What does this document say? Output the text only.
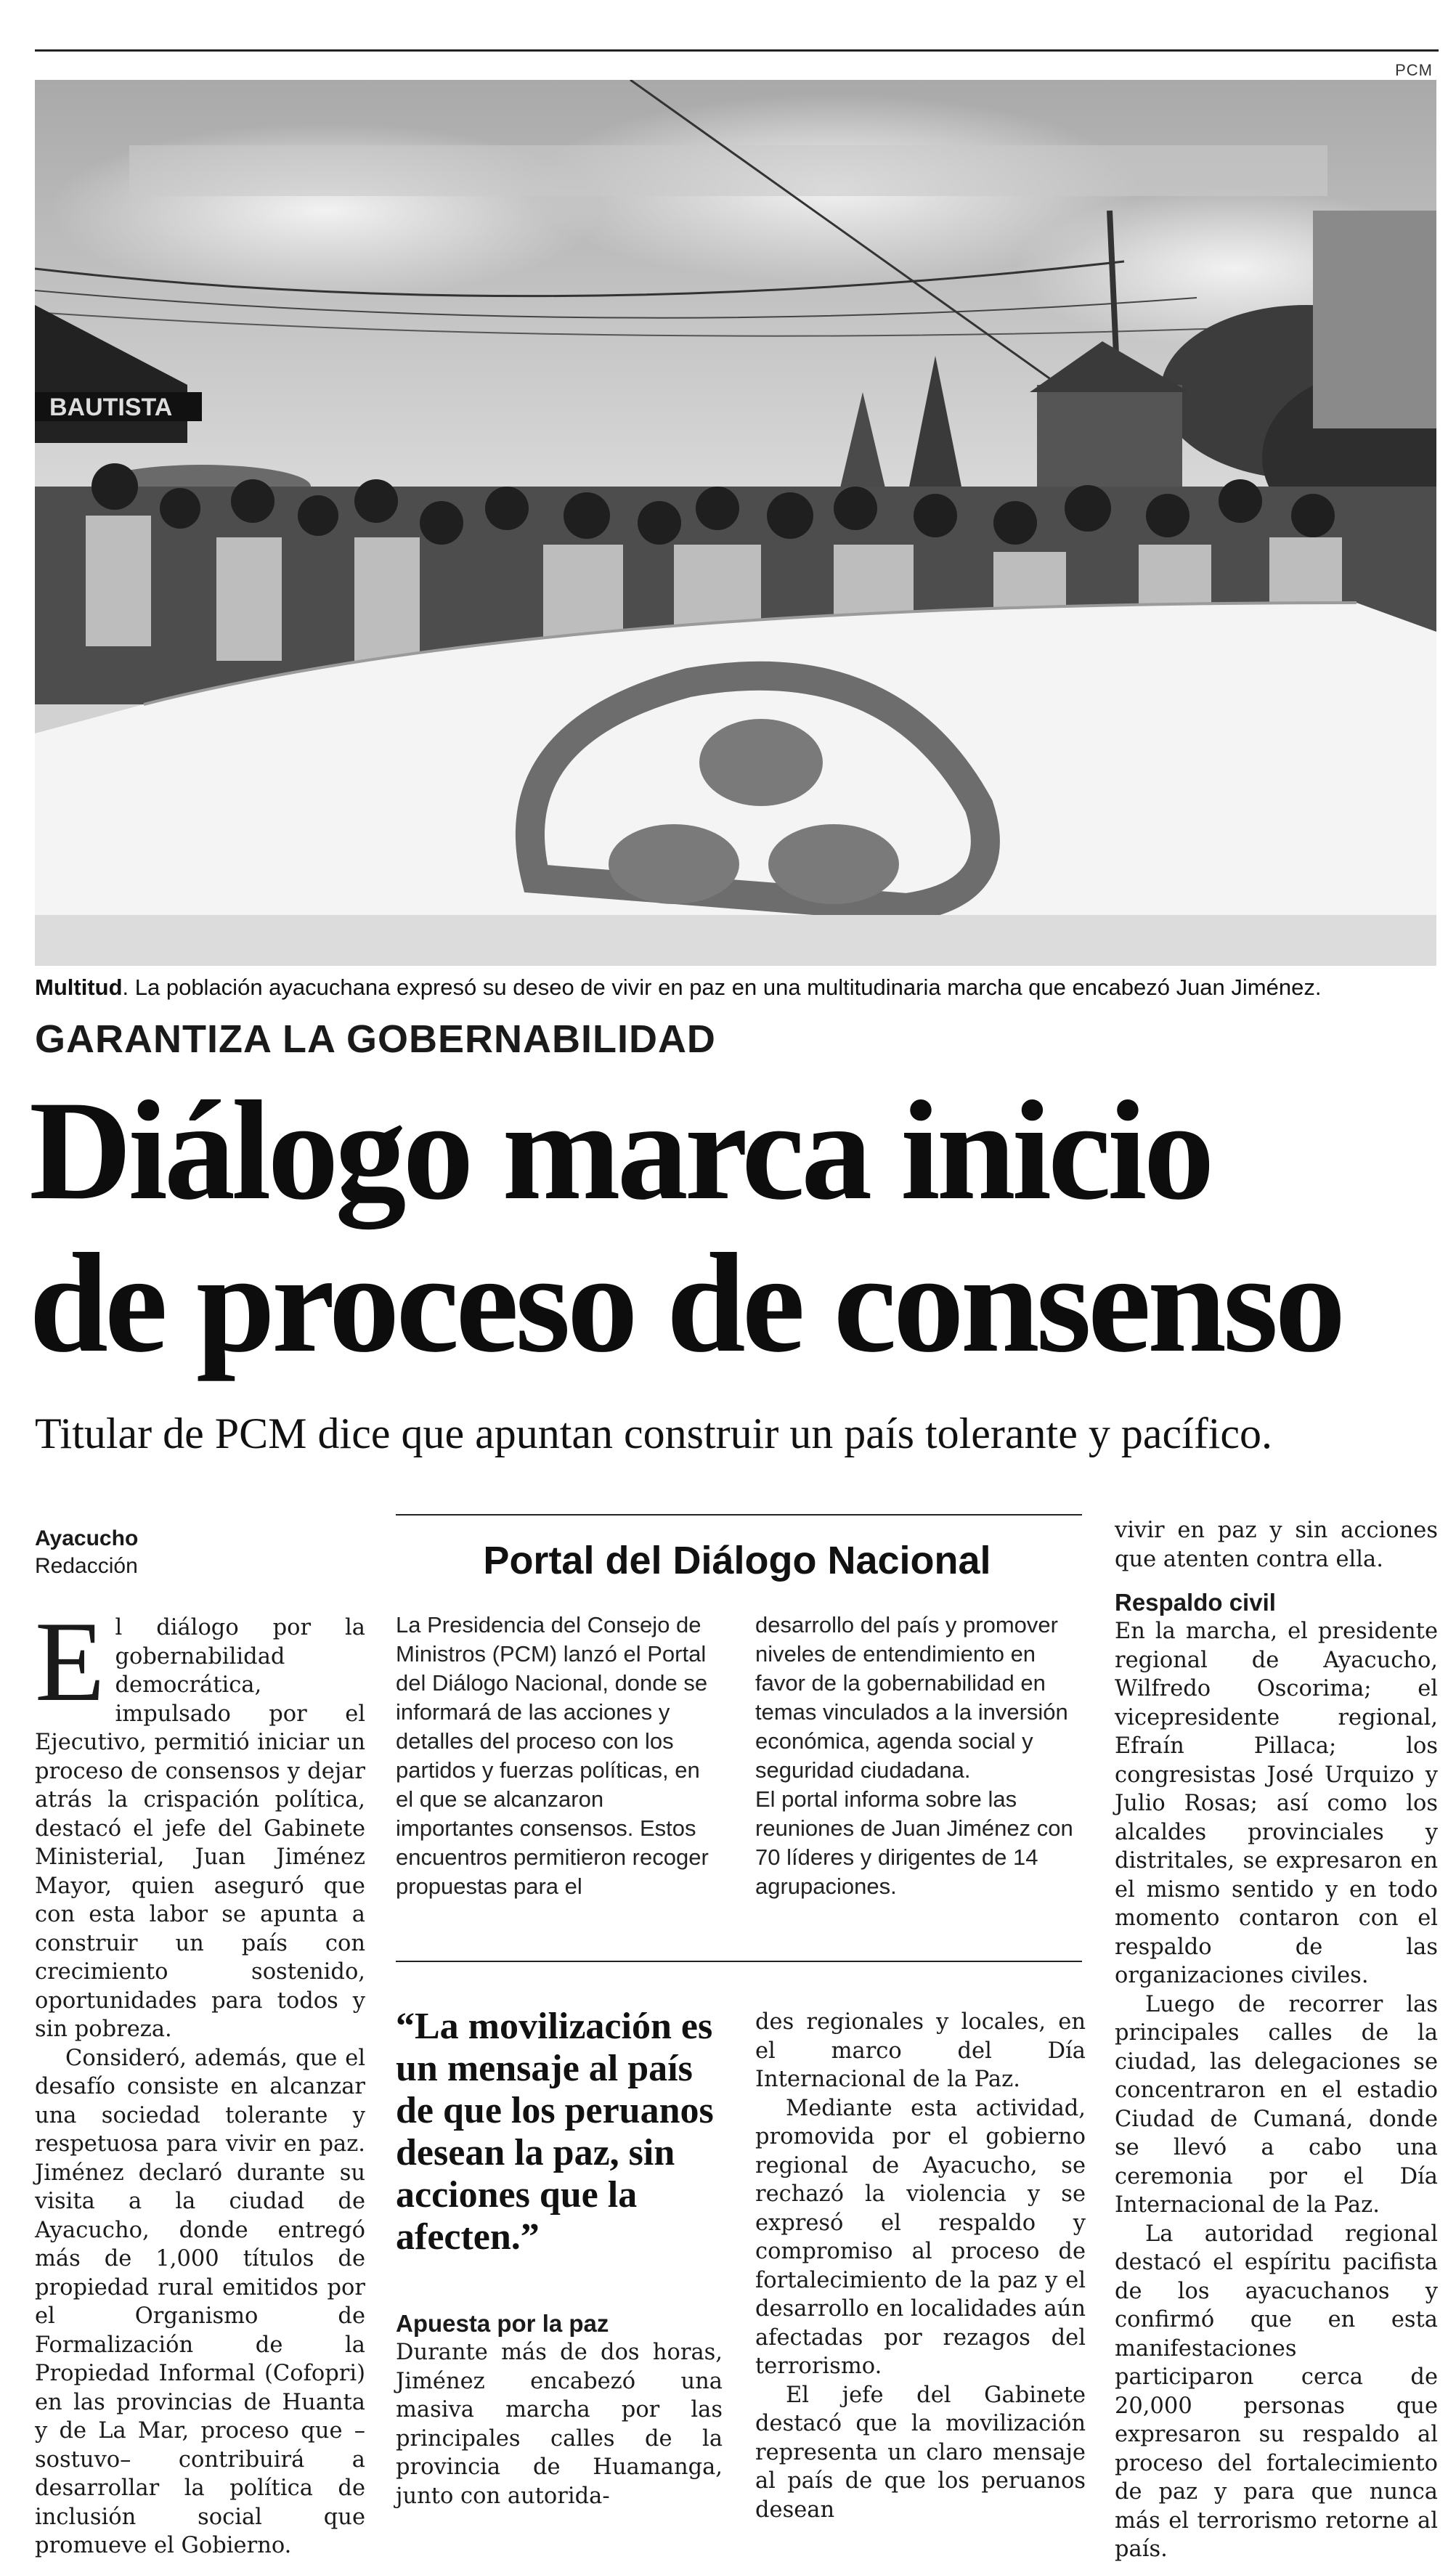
PCM
BAUTISTA
Multitud. La población ayacuchana expresó su deseo de vivir en paz en una multitudinaria marcha que encabezó Juan Jiménez.
GARANTIZA LA GOBERNABILIDAD
Diálogo marca inicio
de proceso de consenso
Titular de PCM dice que apuntan construir un país tolerante y pacífico.
Ayacucho
Redacción

El diálogo por la gobernabilidad democrática, impulsado por el Ejecutivo, permitió iniciar un proceso de consensos y dejar atrás la crispación política, destacó el jefe del Gabinete Ministerial, Juan Jiménez Mayor, quien aseguró que con esta labor se apunta a construir un país con crecimiento sostenido, oportunidades para todos y sin pobreza.

Consideró, además, que el desafío consiste en alcanzar una sociedad tolerante y respetuosa para vivir en paz. Jiménez declaró durante su visita a la ciudad de Ayacucho, donde entregó más de 1,000 títulos de propiedad rural emitidos por el Organismo de Formalización de la Propiedad Informal (Cofopri) en las provincias de Huanta y de La Mar, proceso que –sostuvo– contribuirá a desarrollar la política de inclusión social que promueve el Gobierno.

Portal del Diálogo Nacional
La Presidencia del Consejo de Ministros (PCM) lanzó el Portal del Diálogo Nacional, donde se informará de las acciones y detalles del proceso con los partidos y fuerzas políticas, en el que se alcanzaron importantes consensos. Estos encuentros permitieron recoger propuestas para el
desarrollo del país y promover niveles de entendimiento en favor de la gobernabilidad en temas vinculados a la inversión económica, agenda social y seguridad ciudadana.
El portal informa sobre las reuniones de Juan Jiménez con 70 líderes y dirigentes de 14 agrupaciones.
“La movilización es un mensaje al país de que los peruanos desean la paz, sin acciones que la afecten.”

Apuesta por la paz

Durante más de dos horas, Jiménez encabezó una masiva marcha por las principales calles de la provincia de Huamanga, junto con autorida-

des regionales y locales, en el marco del Día Internacional de la Paz.

Mediante esta actividad, promovida por el gobierno regional de Ayacucho, se rechazó la violencia y se expresó el respaldo y compromiso al proceso de fortalecimiento de la paz y el desarrollo en localidades aún afectadas por rezagos del terrorismo.

El jefe del Gabinete destacó que la movilización representa un claro mensaje al país de que los peruanos desean

vivir en paz y sin acciones que atenten contra ella.

Respaldo civil

En la marcha, el presidente regional de Ayacucho, Wilfredo Oscorima; el vicepresidente regional, Efraín Pillaca; los congresistas José Urquizo y Julio Rosas; así como los alcaldes provinciales y distritales, se expresaron en el mismo sentido y en todo momento contaron con el respaldo de las organizaciones civiles.

Luego de recorrer las principales calles de la ciudad, las delegaciones se concentraron en el estadio Ciudad de Cumaná, donde se llevó a cabo una ceremonia por el Día Internacional de la Paz.

La autoridad regional destacó el espíritu pacifista de los ayacuchanos y confirmó que en esta manifestaciones participaron cerca de 20,000 personas que expresaron su respaldo al proceso del fortalecimiento de paz y para que nunca más el terrorismo retorne al país.
